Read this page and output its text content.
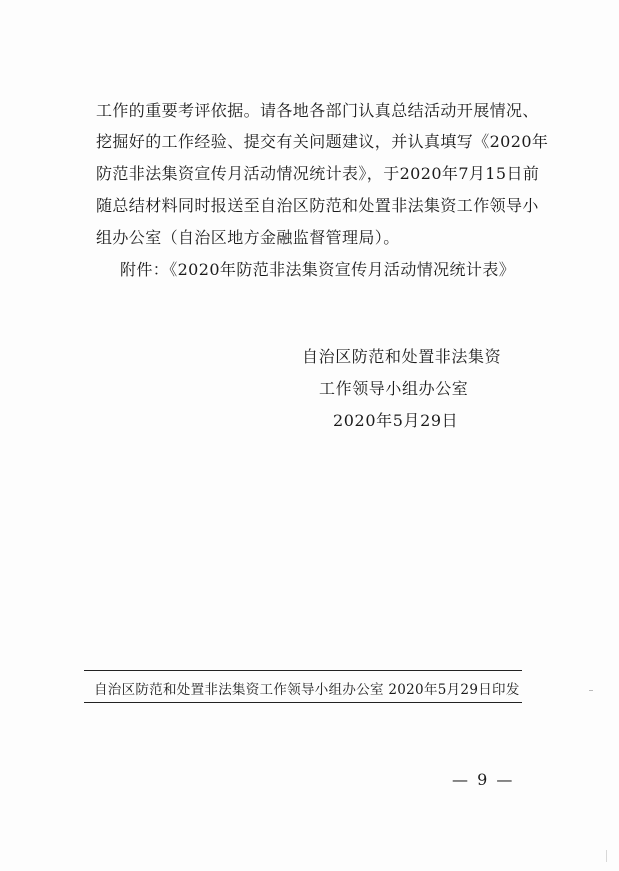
工作的重要考评依据。请各地各部门认真总结活动开展情况、
挖掘好的工作经验、提交有关问题建议，并认真填写《2020年
防范非法集资宣传月活动情况统计表》，于2020年7月15日前
随总结材料同时报送至自治区防范和处置非法集资工作领导小
组办公室（自治区地方金融监督管理局）。
附件：《2020年防范非法集资宣传月活动情况统计表》
自治区防范和处置非法集资
工作领导小组办公室
2020年5月29日
自治区防范和处置非法集资工作领导小组办公室 2020年5月29日印发
— 9 —
